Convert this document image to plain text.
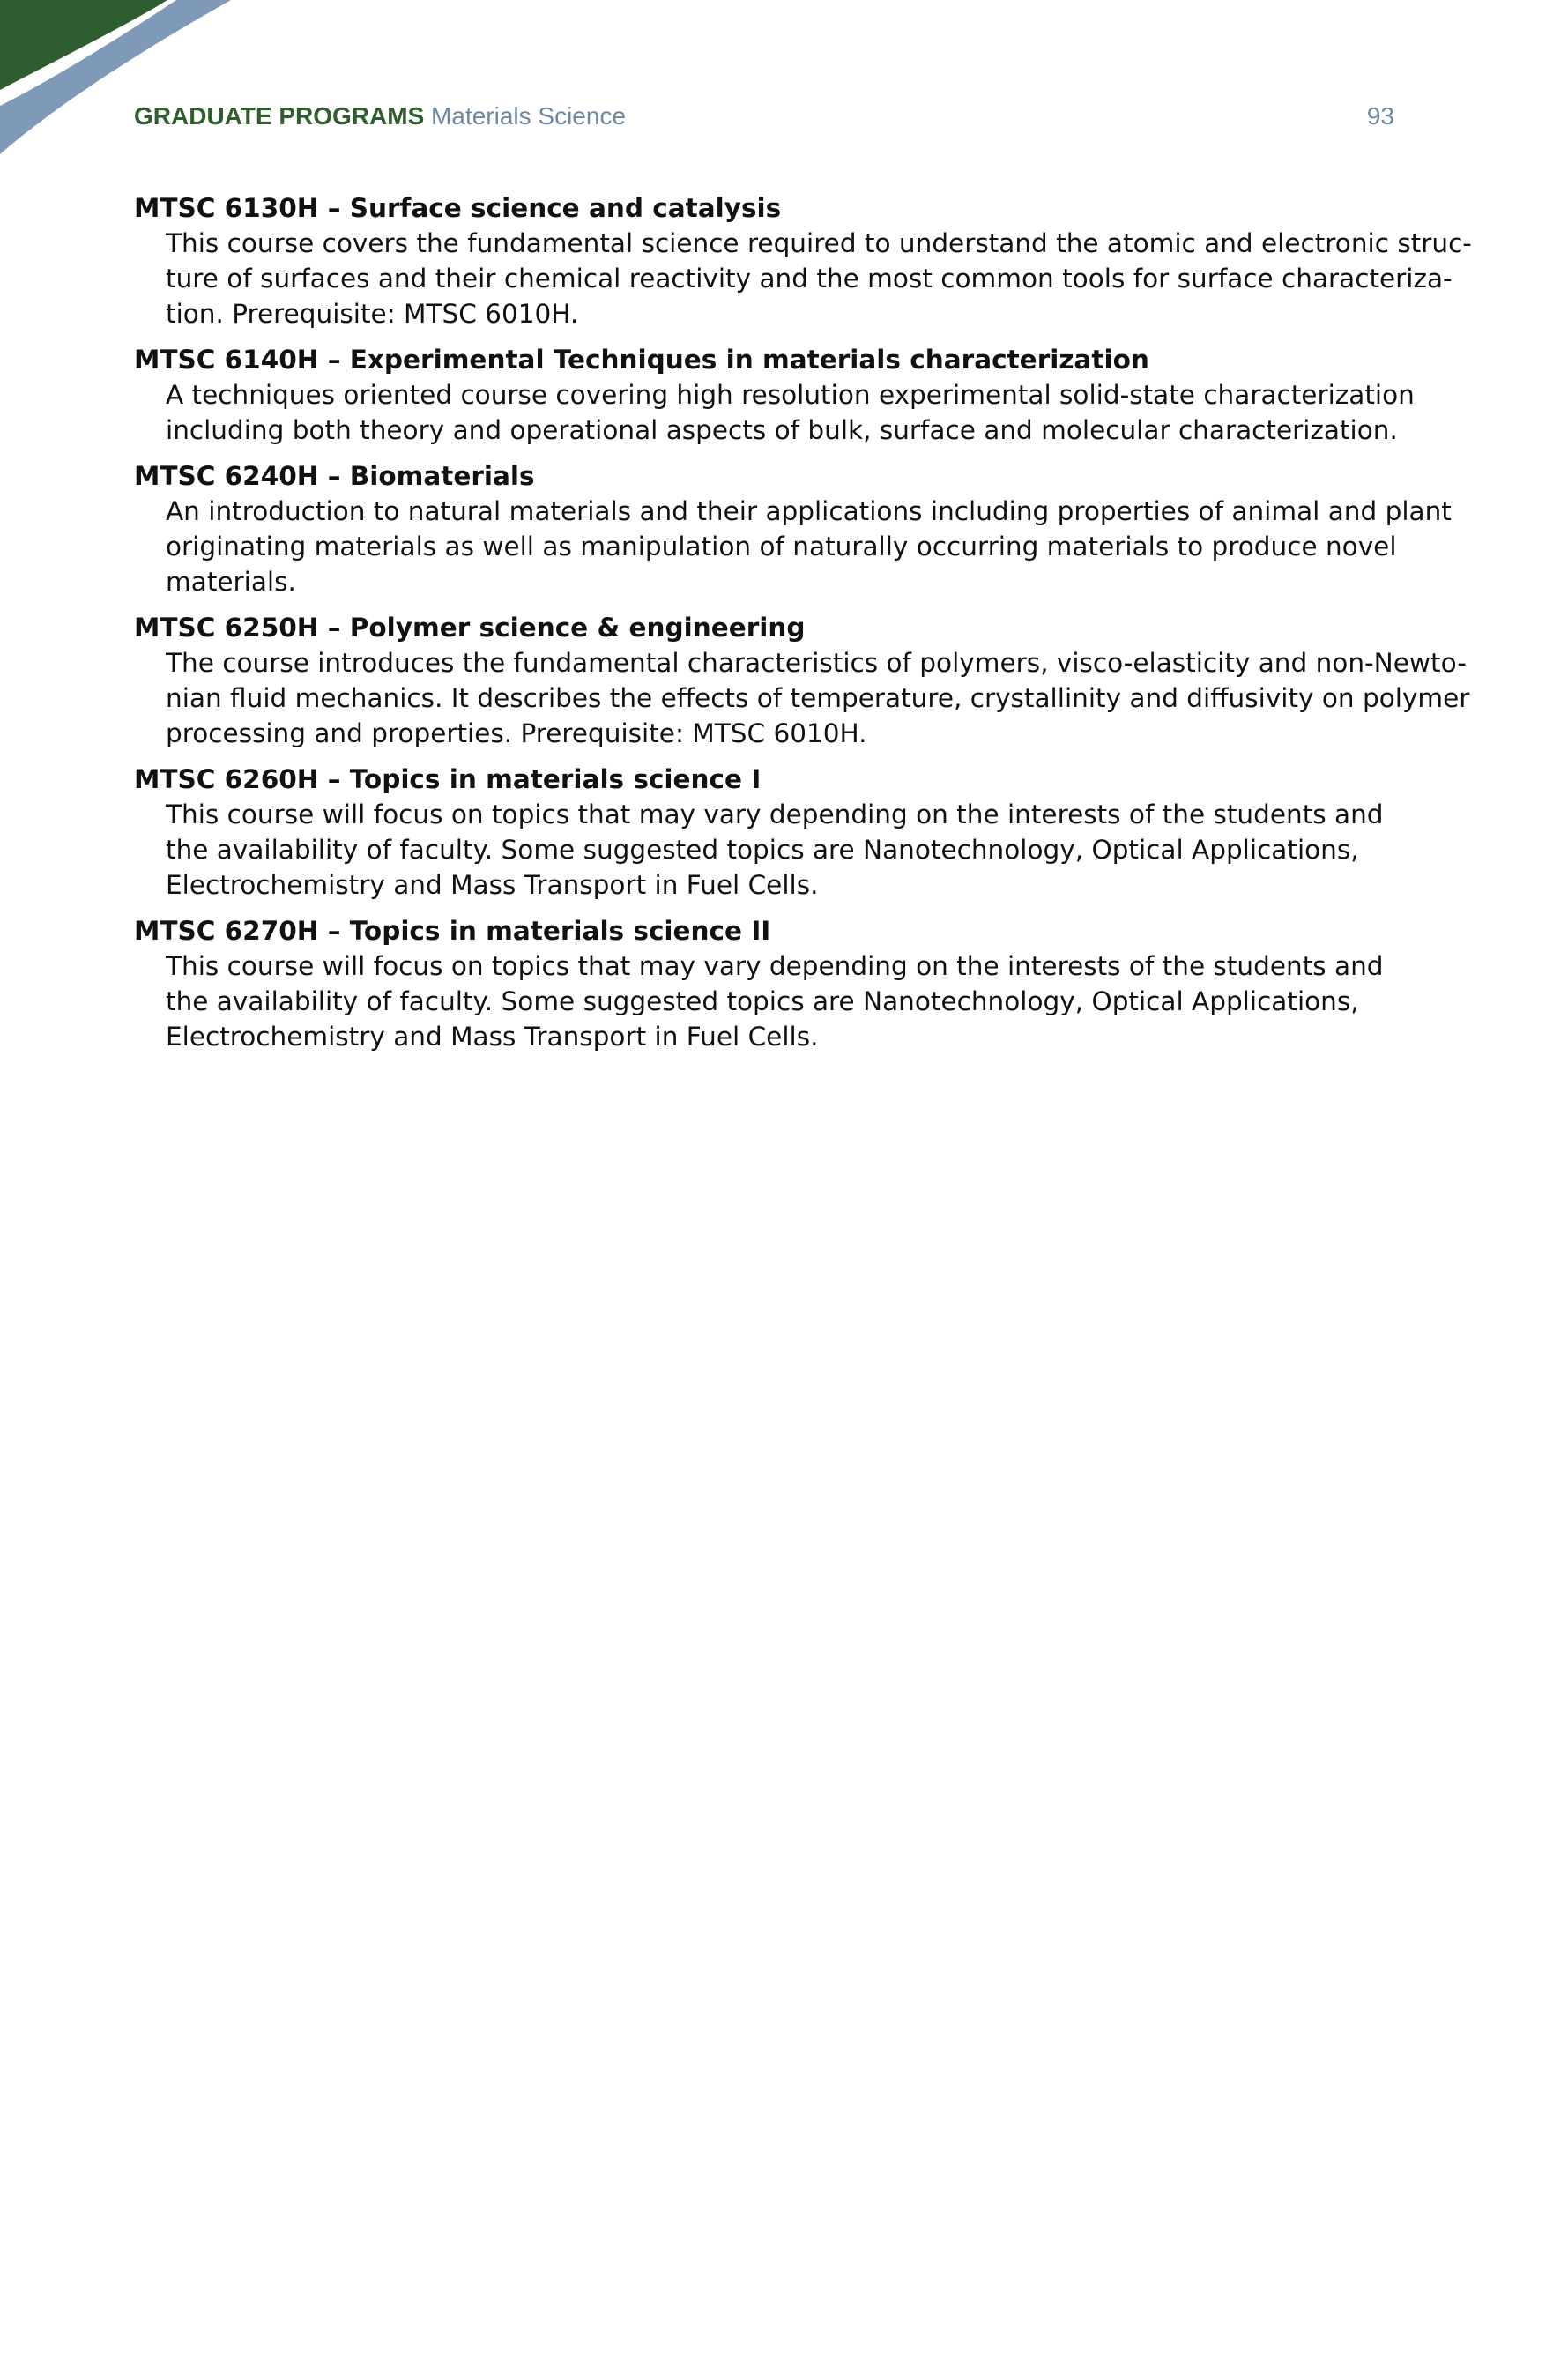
GRADUATE PROGRAMS Materials Science	93
MTSC 6130H – Surface science and catalysis
This course covers the fundamental science required to understand the atomic and electronic struc-
ture of surfaces and their chemical reactivity and the most common tools for surface characteriza-
tion. Prerequisite: MTSC 6010H.
MTSC 6140H – Experimental Techniques in materials characterization
A techniques oriented course covering high resolution experimental solid-state characterization
including both theory and operational aspects of bulk, surface and molecular characterization.
MTSC 6240H – Biomaterials
An introduction to natural materials and their applications including properties of animal and plant
originating materials as well as manipulation of naturally occurring materials to produce novel
materials.
MTSC 6250H – Polymer science & engineering
The course introduces the fundamental characteristics of polymers, visco-elasticity and non-Newto-
nian fluid mechanics. It describes the effects of temperature, crystallinity and diffusivity on polymer
processing and properties. Prerequisite: MTSC 6010H.
MTSC 6260H – Topics in materials science I
This course will focus on topics that may vary depending on the interests of the students and
the availability of faculty. Some suggested topics are Nanotechnology, Optical Applications,
Electrochemistry and Mass Transport in Fuel Cells.
MTSC 6270H – Topics in materials science II
This course will focus on topics that may vary depending on the interests of the students and
the availability of faculty. Some suggested topics are Nanotechnology, Optical Applications,
Electrochemistry and Mass Transport in Fuel Cells.
